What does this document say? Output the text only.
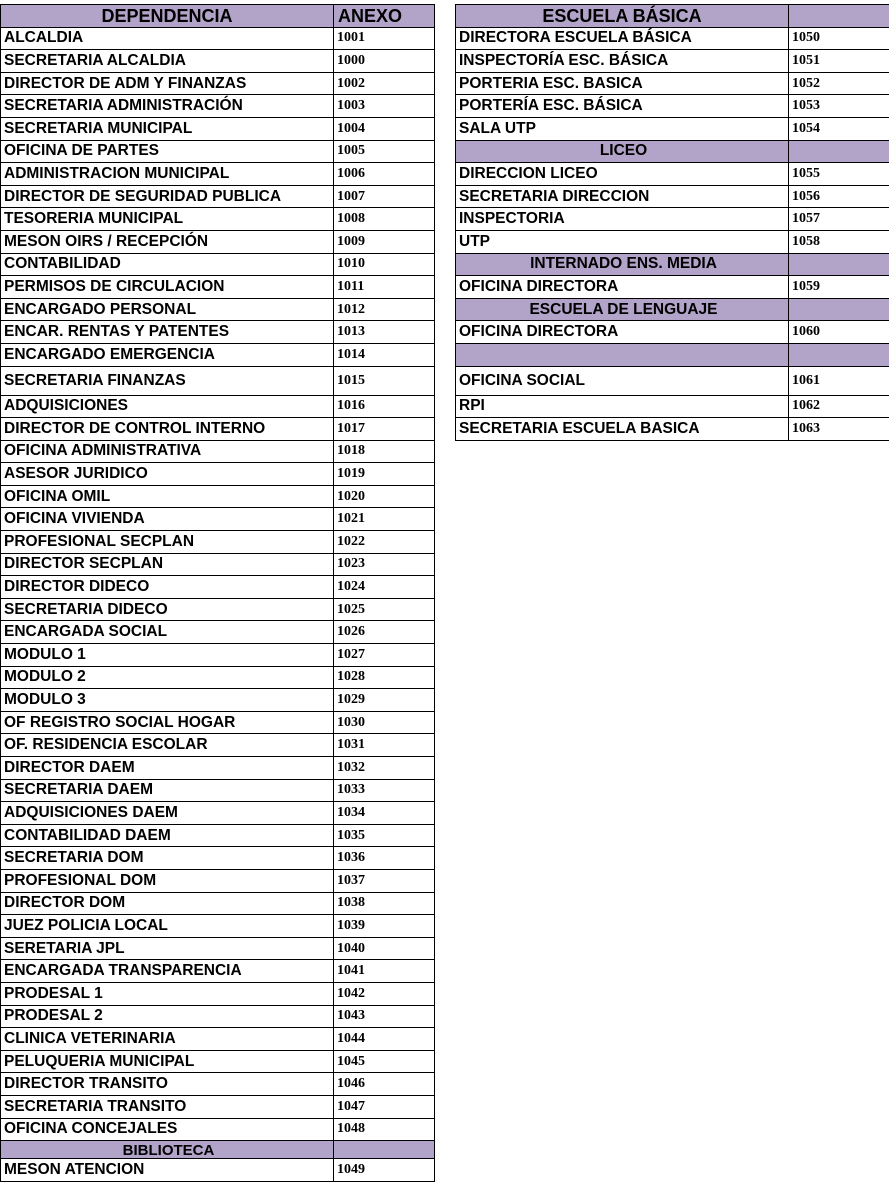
DEPENDENCIA	ANEXO
ALCALDIA	1001
SECRETARIA ALCALDIA	1000
DIRECTOR DE ADM Y FINANZAS	1002
SECRETARIA ADMINISTRACIÓN	1003
SECRETARIA MUNICIPAL	1004
OFICINA DE PARTES	1005
ADMINISTRACION MUNICIPAL	1006
DIRECTOR DE SEGURIDAD PUBLICA	1007
TESORERIA MUNICIPAL	1008
MESON OIRS / RECEPCIÓN	1009
CONTABILIDAD	1010
PERMISOS DE CIRCULACION	1011
ENCARGADO PERSONAL	1012
ENCAR. RENTAS Y PATENTES	1013
ENCARGADO EMERGENCIA	1014
SECRETARIA FINANZAS	1015
ADQUISICIONES	1016
DIRECTOR DE CONTROL INTERNO	1017
OFICINA ADMINISTRATIVA	1018
ASESOR JURIDICO	1019
OFICINA OMIL	1020
OFICINA VIVIENDA	1021
PROFESIONAL SECPLAN	1022
DIRECTOR SECPLAN	1023
DIRECTOR DIDECO	1024
SECRETARIA DIDECO	1025
ENCARGADA SOCIAL	1026
MODULO 1	1027
MODULO 2	1028
MODULO 3	1029
OF REGISTRO SOCIAL HOGAR	1030
OF. RESIDENCIA ESCOLAR	1031
DIRECTOR DAEM	1032
SECRETARIA DAEM	1033
ADQUISICIONES DAEM	1034
CONTABILIDAD DAEM	1035
SECRETARIA DOM	1036
PROFESIONAL DOM	1037
DIRECTOR DOM	1038
JUEZ POLICIA LOCAL	1039
SERETARIA JPL	1040
ENCARGADA TRANSPARENCIA	1041
PRODESAL 1	1042
PRODESAL 2	1043
CLINICA VETERINARIA	1044
PELUQUERIA MUNICIPAL	1045
DIRECTOR TRANSITO	1046
SECRETARIA TRANSITO	1047
OFICINA CONCEJALES	1048
BIBLIOTECA	
MESON ATENCION	1049
ESCUELA BÁSICA	
DIRECTORA ESCUELA BÁSICA	1050
INSPECTORÍA ESC. BÁSICA	1051
PORTERIA ESC. BASICA	1052
PORTERÍA ESC. BÁSICA	1053
SALA UTP	1054
LICEO	
DIRECCION LICEO	1055
SECRETARIA DIRECCION	1056
INSPECTORIA	1057
UTP	1058
INTERNADO ENS. MEDIA	
OFICINA DIRECTORA	1059
ESCUELA DE LENGUAJE	
OFICINA DIRECTORA	1060

OFICINA SOCIAL	1061
RPI	1062
SECRETARIA ESCUELA BASICA	1063
